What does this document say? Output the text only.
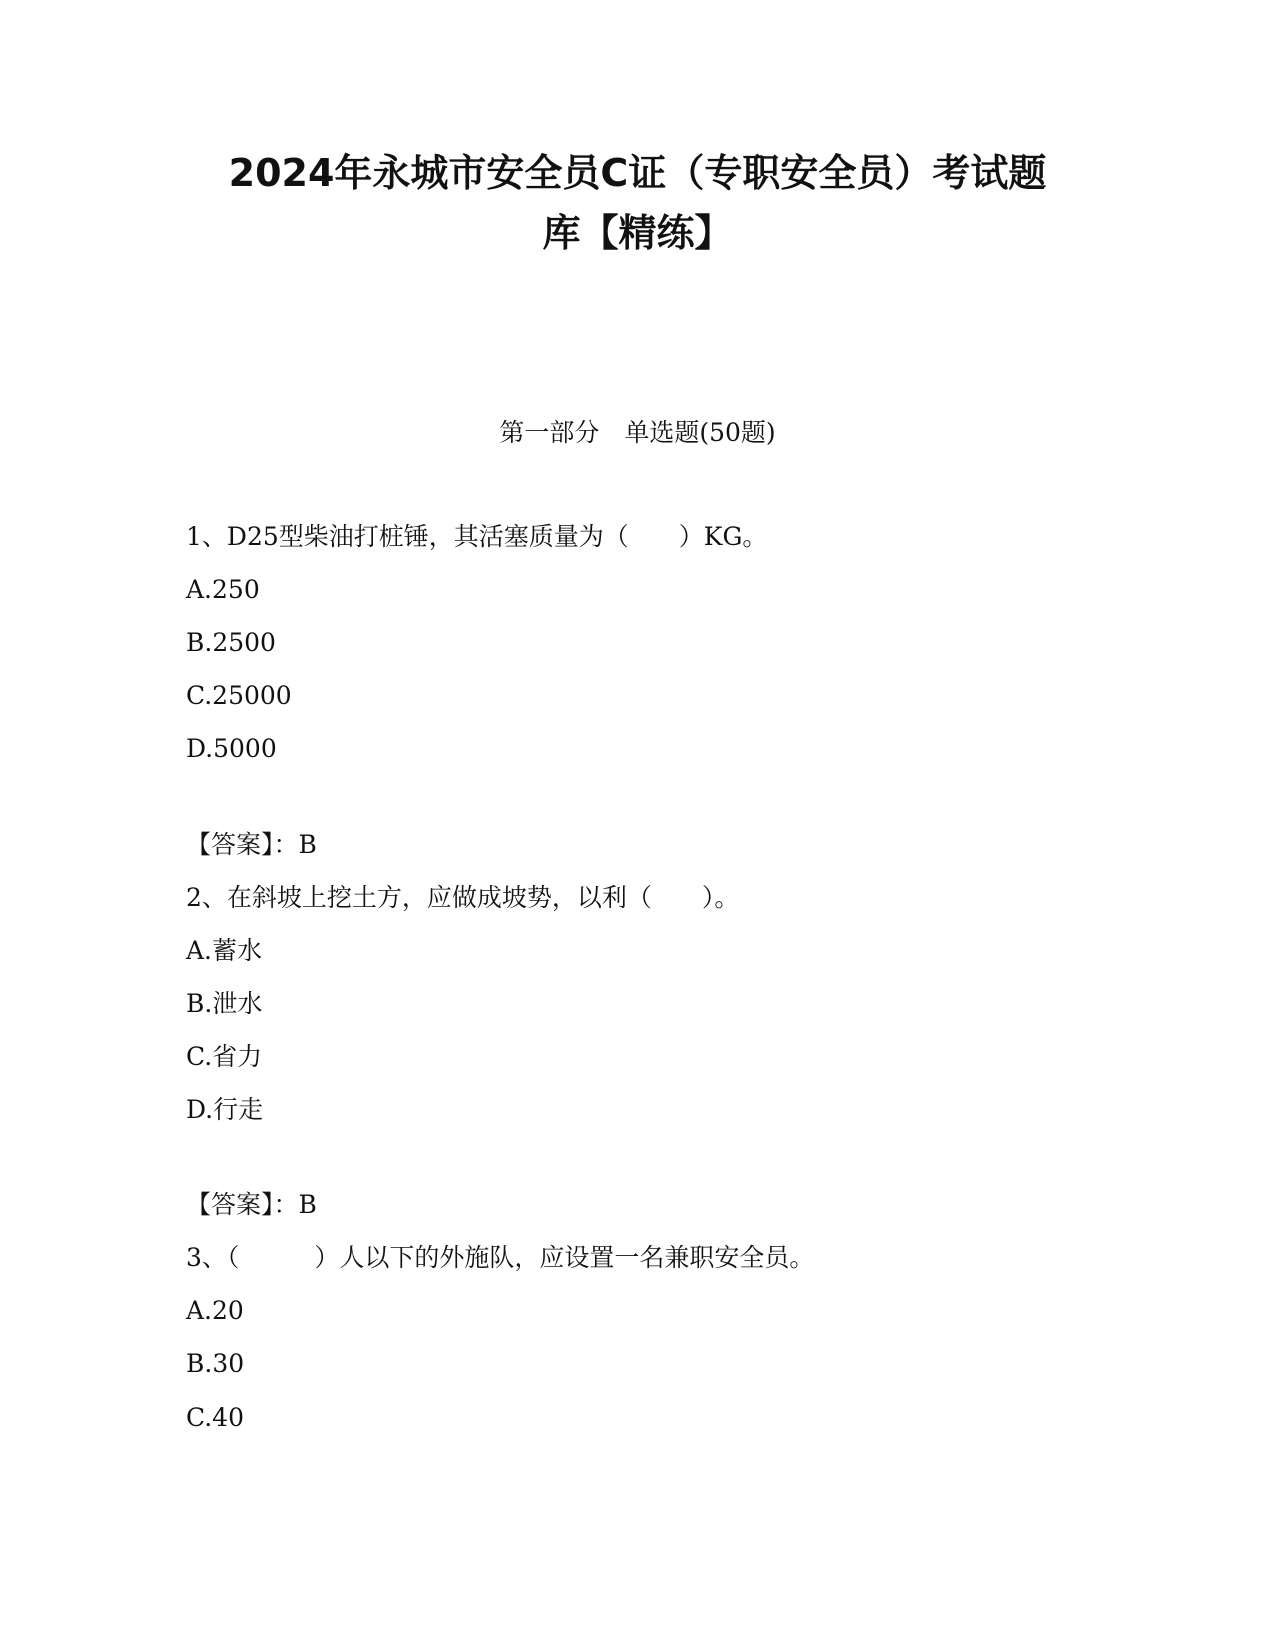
2024年永城市安全员C证（专职安全员）考试题
库【精练】
第一部分　单选题(50题)
1、D25型柴油打桩锤，其活塞质量为（　　）KG。
A.250
B.2500
C.25000
D.5000
【答案】：B
2、在斜坡上挖土方，应做成坡势，以利（　　）。
A.蓄水
B.泄水
C.省力
D.行走
【答案】：B
3、（　　　）人以下的外施队，应设置一名兼职安全员。
A.20
B.30
C.40
